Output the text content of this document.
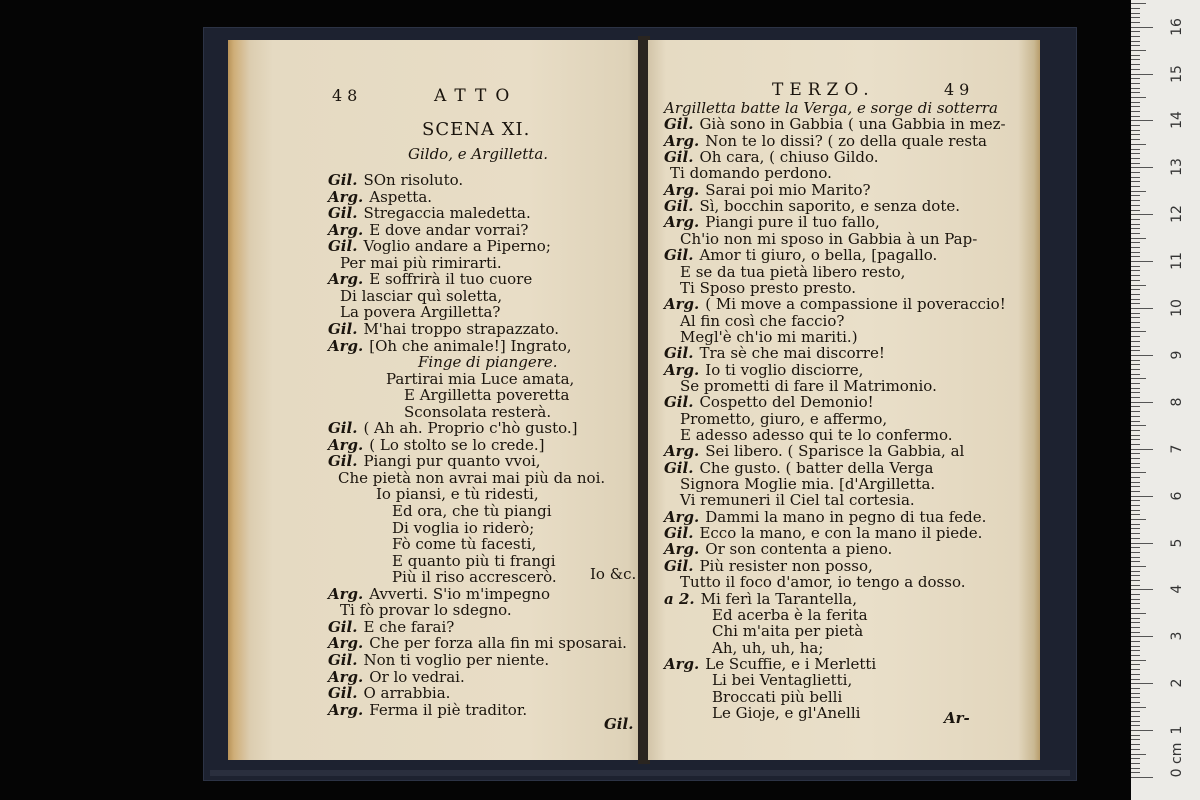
48	ATTO
SCENA XI.
Gildo, e Argilletta.
Gil. SOn risoluto.
Arg. Aspetta.
Gil. Stregaccia maledetta.
Arg. E dove andar vorrai?
Gil. Voglio andare a Piperno;
Per mai più rimirarti.
Arg. E soffrirà il tuo cuore
Di lasciar quì soletta,
La povera Argilletta?
Gil. M'hai troppo strapazzato.
Arg. [Oh che animale!] Ingrato,
Finge di piangere.
Partirai mia Luce amata,
E Argilletta poveretta
Sconsolata resterà.
Gil. ( Ah ah. Proprio c'hò gusto.]
Arg. ( Lo stolto se lo crede.]
Gil. Piangi pur quanto vvoi,
Che pietà non avrai mai più da noi.
Io piansi, e tù ridesti,
Ed ora, che tù piangi
Di voglia io riderò;
Fò come tù facesti,
E quanto più ti frangi
Più il riso accrescerò.
Arg. Avverti. S'io m'impegno
Ti fò provar lo sdegno.
Gil. E che farai?
Arg. Che per forza alla fin mi sposarai.
Gil. Non ti voglio per niente.
Arg. Or lo vedrai.
Gil. O arrabbia.
Arg. Ferma il piè traditor.
Io &c.
Gil.
TERZO.	49
Argilletta batte la Verga, e sorge di sotterra
Gil. Già sono in Gabbia ( una Gabbia in mez-
Arg. Non te lo dissi? ( zo della quale resta
Gil. Oh cara, ( chiuso Gildo.
Ti domando perdono.
Arg. Sarai poi mio Marito?
Gil. Sì, bocchin saporito, e senza dote.
Arg. Piangi pure il tuo fallo,
Ch'io non mi sposo in Gabbia à un Pap-
Gil. Amor ti giuro, o bella, [pagallo.
E se da tua pietà libero resto,
Ti Sposo presto presto.
Arg. ( Mi move a compassione il poveraccio!
Al fin così che faccio?
Megl'è ch'io mi mariti.)
Gil. Tra sè che mai discorre!
Arg. Io ti voglio disciorre,
Se prometti di fare il Matrimonio.
Gil. Cospetto del Demonio!
Prometto, giuro, e affermo,
E adesso adesso qui te lo confermo.
Arg. Sei libero. ( Sparisce la Gabbia, al
Gil. Che gusto. ( batter della Verga
Signora Moglie mia. [d'Argilletta.
Vi remuneri il Ciel tal cortesia.
Arg. Dammi la mano in pegno di tua fede.
Gil. Ecco la mano, e con la mano il piede.
Arg. Or son contenta a pieno.
Gil. Più resister non posso,
Tutto il foco d'amor, io tengo a dosso.
a 2. Mi ferì la Tarantella,
Ed acerba è la ferita
Chi m'aita per pietà
Ah, uh, uh, ha;
Arg. Le Scuffie, e i Merletti
Li bei Ventaglietti,
Broccati più belli
Le Gioje, e gl'Anelli	Ar-
0 cm
1
2
3
4
5
6
7
8
9
10
11
12
13
14
15
16
